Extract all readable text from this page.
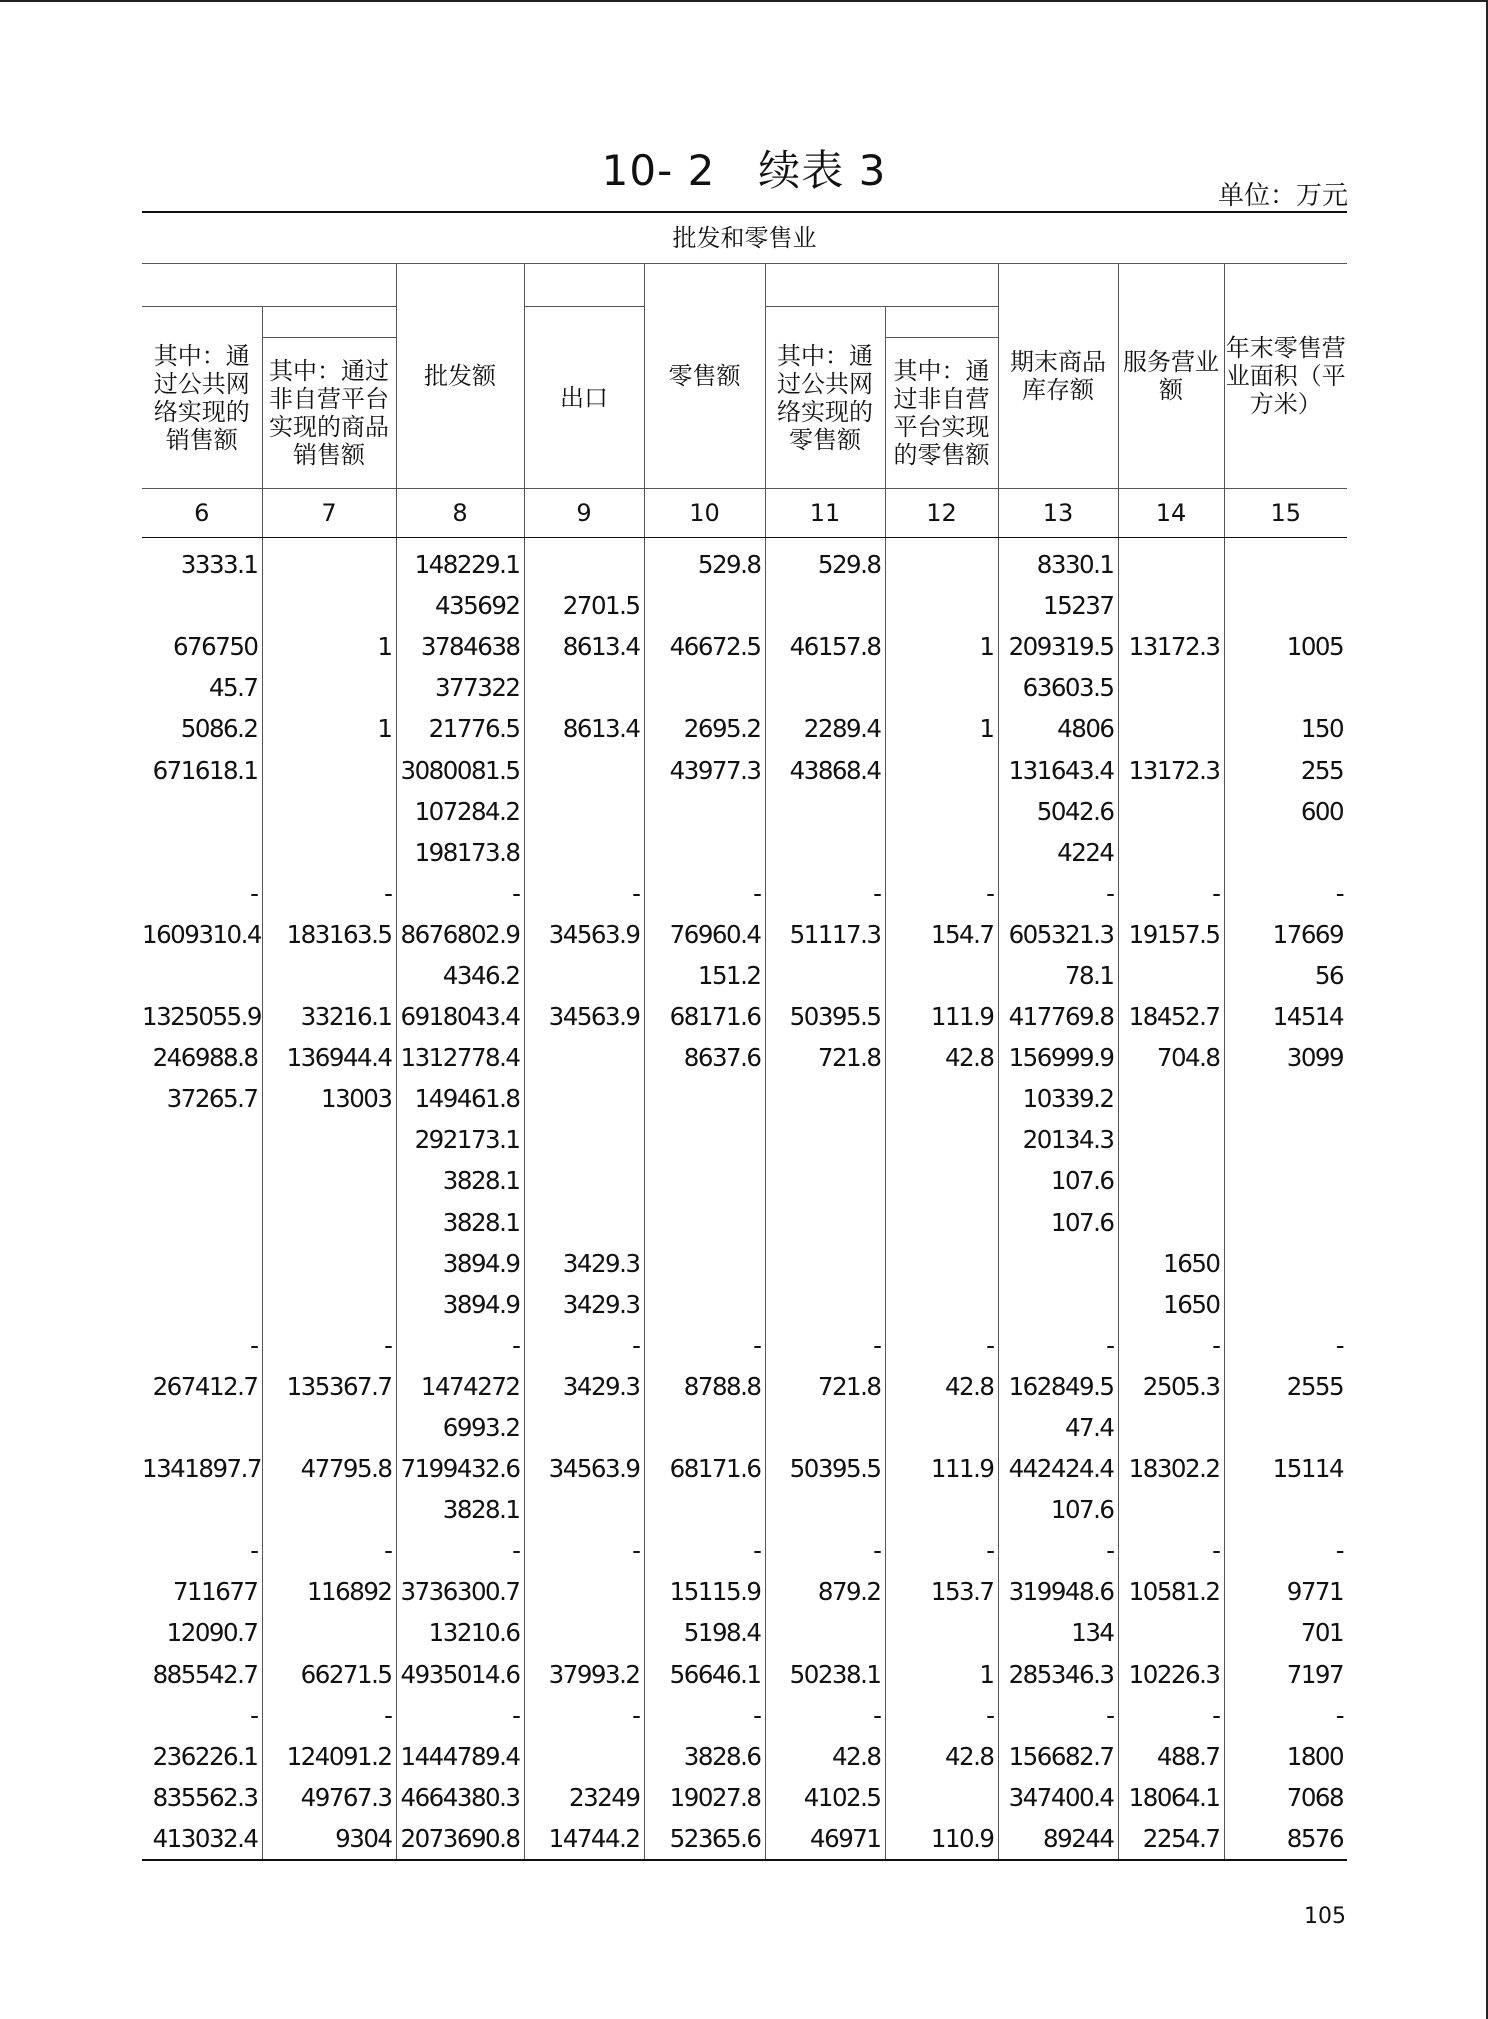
10- 2　续表 3
单位：万元
批发和零售业									
		批发额		零售额			期末商品库存额	服务营业额	年末零售营业面积（平方米）
其中：通过公共网络实现的销售额			出口		其中：通过公共网络实现的零售额				
	其中：通过非自营平台实现的商品销售额					其中：通过非自营平台实现的零售额			
6	7	8	9	10	11	12	13	14	15
3333.1		148229.1		529.8	529.8		8330.1		
		435692	2701.5				15237		
676750	1	3784638	8613.4	46672.5	46157.8	1	209319.5	13172.3	1005
45.7		377322					63603.5		
5086.2	1	21776.5	8613.4	2695.2	2289.4	1	4806		150
671618.1		3080081.5		43977.3	43868.4		131643.4	13172.3	255
		107284.2					5042.6		600
		198173.8					4224		
-	-	-	-	-	-	-	-	-	-
1609310.4	183163.5	8676802.9	34563.9	76960.4	51117.3	154.7	605321.3	19157.5	17669
		4346.2		151.2			78.1		56
1325055.9	33216.1	6918043.4	34563.9	68171.6	50395.5	111.9	417769.8	18452.7	14514
246988.8	136944.4	1312778.4		8637.6	721.8	42.8	156999.9	704.8	3099
37265.7	13003	149461.8					10339.2		
		292173.1					20134.3		
		3828.1					107.6		
		3828.1					107.6		
		3894.9	3429.3					1650	
		3894.9	3429.3					1650	
-	-	-	-	-	-	-	-	-	-
267412.7	135367.7	1474272	3429.3	8788.8	721.8	42.8	162849.5	2505.3	2555
		6993.2					47.4		
1341897.7	47795.8	7199432.6	34563.9	68171.6	50395.5	111.9	442424.4	18302.2	15114
		3828.1					107.6		
-	-	-	-	-	-	-	-	-	-
711677	116892	3736300.7		15115.9	879.2	153.7	319948.6	10581.2	9771
12090.7		13210.6		5198.4			134		701
885542.7	66271.5	4935014.6	37993.2	56646.1	50238.1	1	285346.3	10226.3	7197
-	-	-	-	-	-	-	-	-	-
236226.1	124091.2	1444789.4		3828.6	42.8	42.8	156682.7	488.7	1800
835562.3	49767.3	4664380.3	23249	19027.8	4102.5		347400.4	18064.1	7068
413032.4	9304	2073690.8	14744.2	52365.6	46971	110.9	89244	2254.7	8576
105
